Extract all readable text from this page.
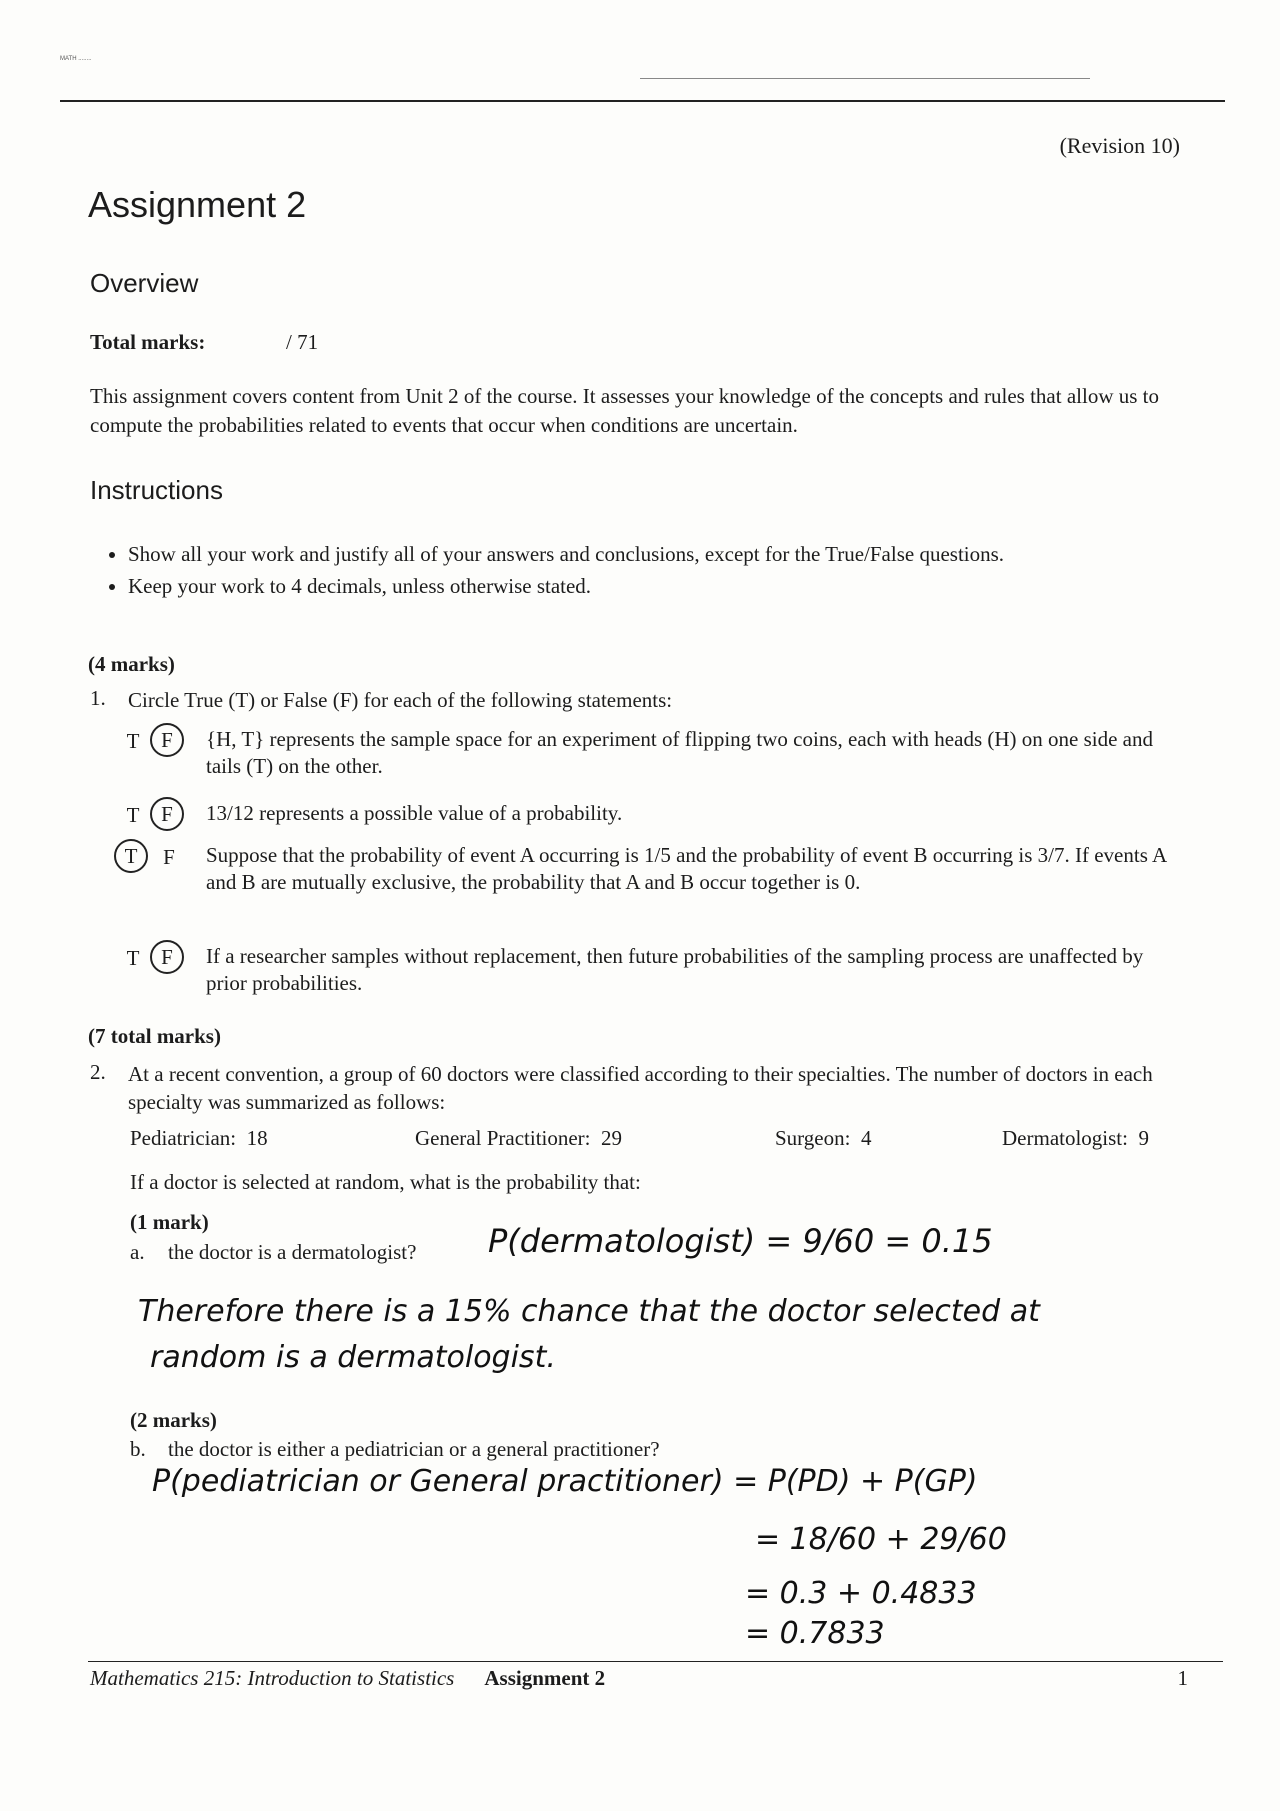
MATH ........
(Revision 10)
Assignment 2
Overview
Total marks:	/ 71
This assignment covers content from Unit 2 of the course. It assesses your knowledge of the concepts and rules that allow us to compute the probabilities related to events that occur when conditions are uncertain.
Instructions
• Show all your work and justify all of your answers and conclusions, except for the True/False questions.
• Keep your work to 4 decimals, unless otherwise stated.
(4 marks)
1. Circle True (T) or False (F) for each of the following statements:
T	F	{H, T} represents the sample space for an experiment of flipping two coins, each with heads (H) on one side and tails (T) on the other.
T	F	13/12 represents a possible value of a probability.
T	F	Suppose that the probability of event A occurring is 1/5 and the probability of event B occurring is 3/7. If events A and B are mutually exclusive, the probability that A and B occur together is 0.
T	F	If a researcher samples without replacement, then future probabilities of the sampling process are unaffected by prior probabilities.
(7 total marks)
2. At a recent convention, a group of 60 doctors were classified according to their specialties. The number of doctors in each specialty was summarized as follows:
Pediatrician: 18	General Practitioner: 29	Surgeon: 4	Dermatologist: 9
If a doctor is selected at random, what is the probability that:
(1 mark)
a. the doctor is a dermatologist? P(dermatologist) = 9/60 = 0.15
Therefore there is a 15% chance that the doctor selected at
random is a dermatologist.
(2 marks)
b. the doctor is either a pediatrician or a general practitioner?
P(pediatrician or General practitioner) = P(PD) + P(GP)
= 18/60 + 29/60
= 0.3 + 0.4833
= 0.7833
Mathematics 215: Introduction to Statistics Assignment 2	1
